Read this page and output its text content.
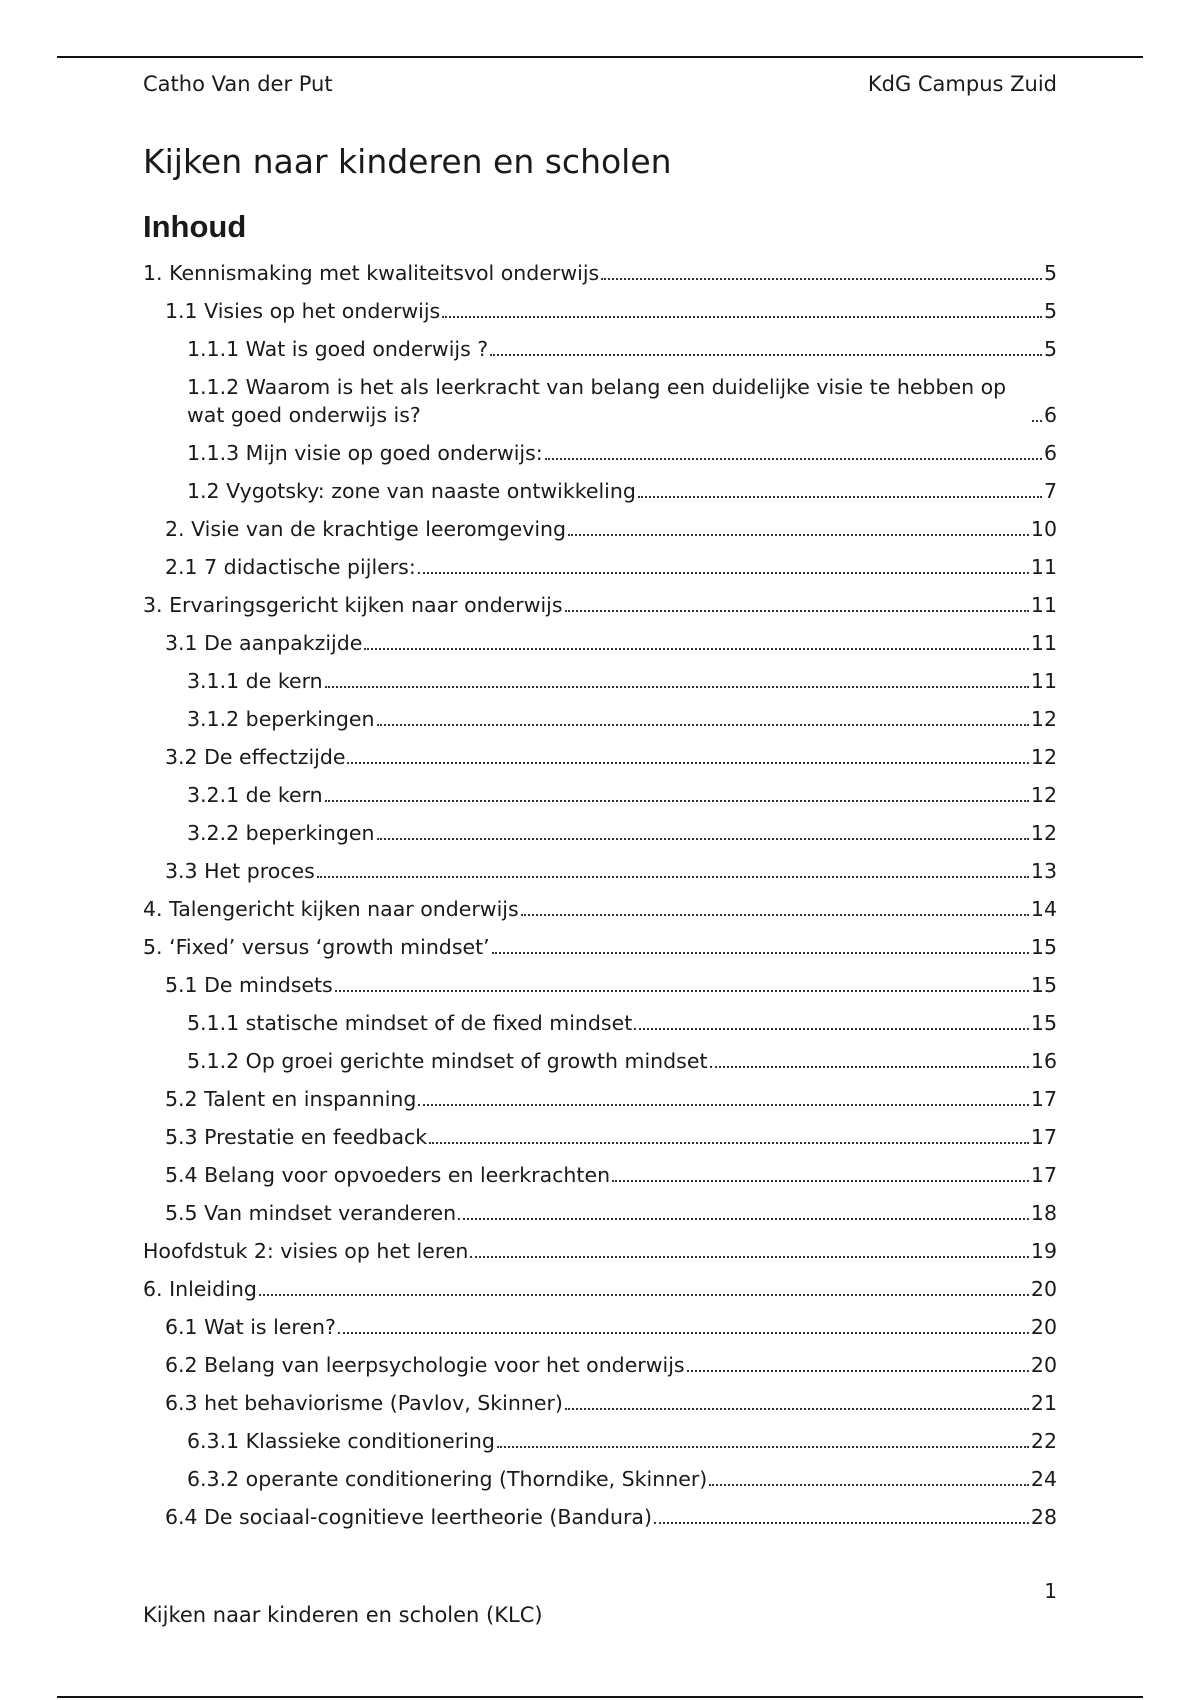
Catho Van der Put	KdG Campus Zuid
Kijken naar kinderen en scholen
Inhoud
1. Kennismaking met kwaliteitsvol onderwijs	5
1.1 Visies op het onderwijs	5
1.1.1 Wat is goed onderwijs ?	5
1.1.2 Waarom is het als leerkracht van belang een duidelijke visie te hebben op wat goed onderwijs is?	6
1.1.3 Mijn visie op goed onderwijs:	6
1.2 Vygotsky: zone van naaste ontwikkeling	7
2. Visie van de krachtige leeromgeving	10
2.1 7 didactische pijlers:	11
3. Ervaringsgericht kijken naar onderwijs	11
3.1 De aanpakzijde	11
3.1.1 de kern	11
3.1.2 beperkingen	12
3.2 De effectzijde	12
3.2.1 de kern	12
3.2.2 beperkingen	12
3.3 Het proces	13
4. Talengericht kijken naar onderwijs	14
5. ‘Fixed’ versus ‘growth mindset’	15
5.1 De mindsets	15
5.1.1 statische mindset of de fixed mindset	15
5.1.2 Op groei gerichte mindset of growth mindset	16
5.2 Talent en inspanning	17
5.3 Prestatie en feedback	17
5.4 Belang voor opvoeders en leerkrachten	17
5.5 Van mindset veranderen	18
Hoofdstuk 2: visies op het leren	19
6. Inleiding	20
6.1 Wat is leren?	20
6.2 Belang van leerpsychologie voor het onderwijs	20
6.3 het behaviorisme (Pavlov, Skinner)	21
6.3.1 Klassieke conditionering	22
6.3.2 operante conditionering (Thorndike, Skinner)	24
6.4 De sociaal-cognitieve leertheorie (Bandura)	28
1
Kijken naar kinderen en scholen (KLC)
